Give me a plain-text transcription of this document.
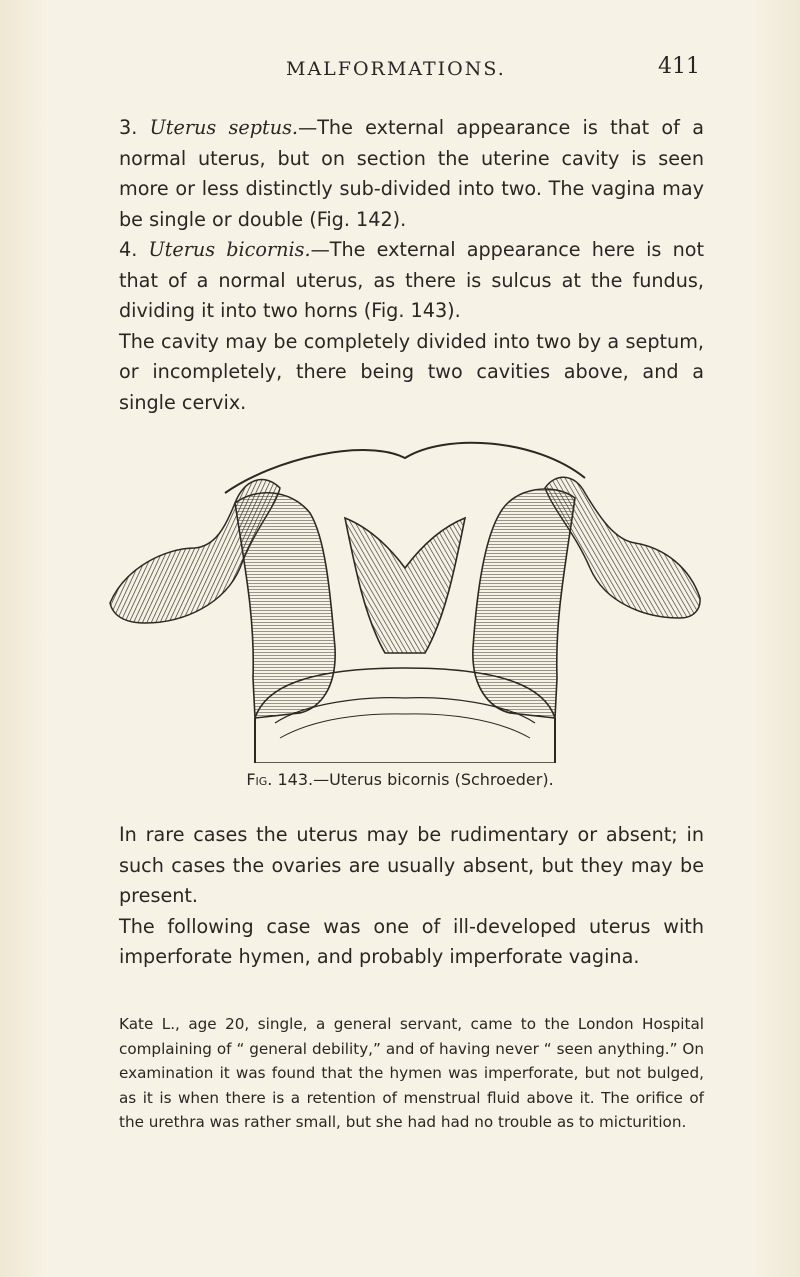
MALFORMATIONS.	411

3. Uterus septus.—The external appearance is that of a normal uterus, but on section the uterine cavity is seen more or less distinctly sub-divided into two. The vagina may be single or double (Fig. 142).

4. Uterus bicornis.—The external appearance here is not that of a normal uterus, as there is sulcus at the fundus, dividing it into two horns (Fig. 143).

The cavity may be completely divided into two by a septum, or incompletely, there being two cavities above, and a single cervix.

Fig. 143.—Uterus bicornis (Schroeder).

In rare cases the uterus may be rudimentary or absent; in such cases the ovaries are usually absent, but they may be present.

The following case was one of ill-developed uterus with imperforate hymen, and probably imperforate vagina.

Kate L., age 20, single, a general servant, came to the London Hospital complaining of “ general debility,” and of having never “ seen anything.” On examination it was found that the hymen was imperforate, but not bulged, as it is when there is a retention of menstrual fluid above it. The orifice of the urethra was rather small, but she had had no trouble as to micturition.
